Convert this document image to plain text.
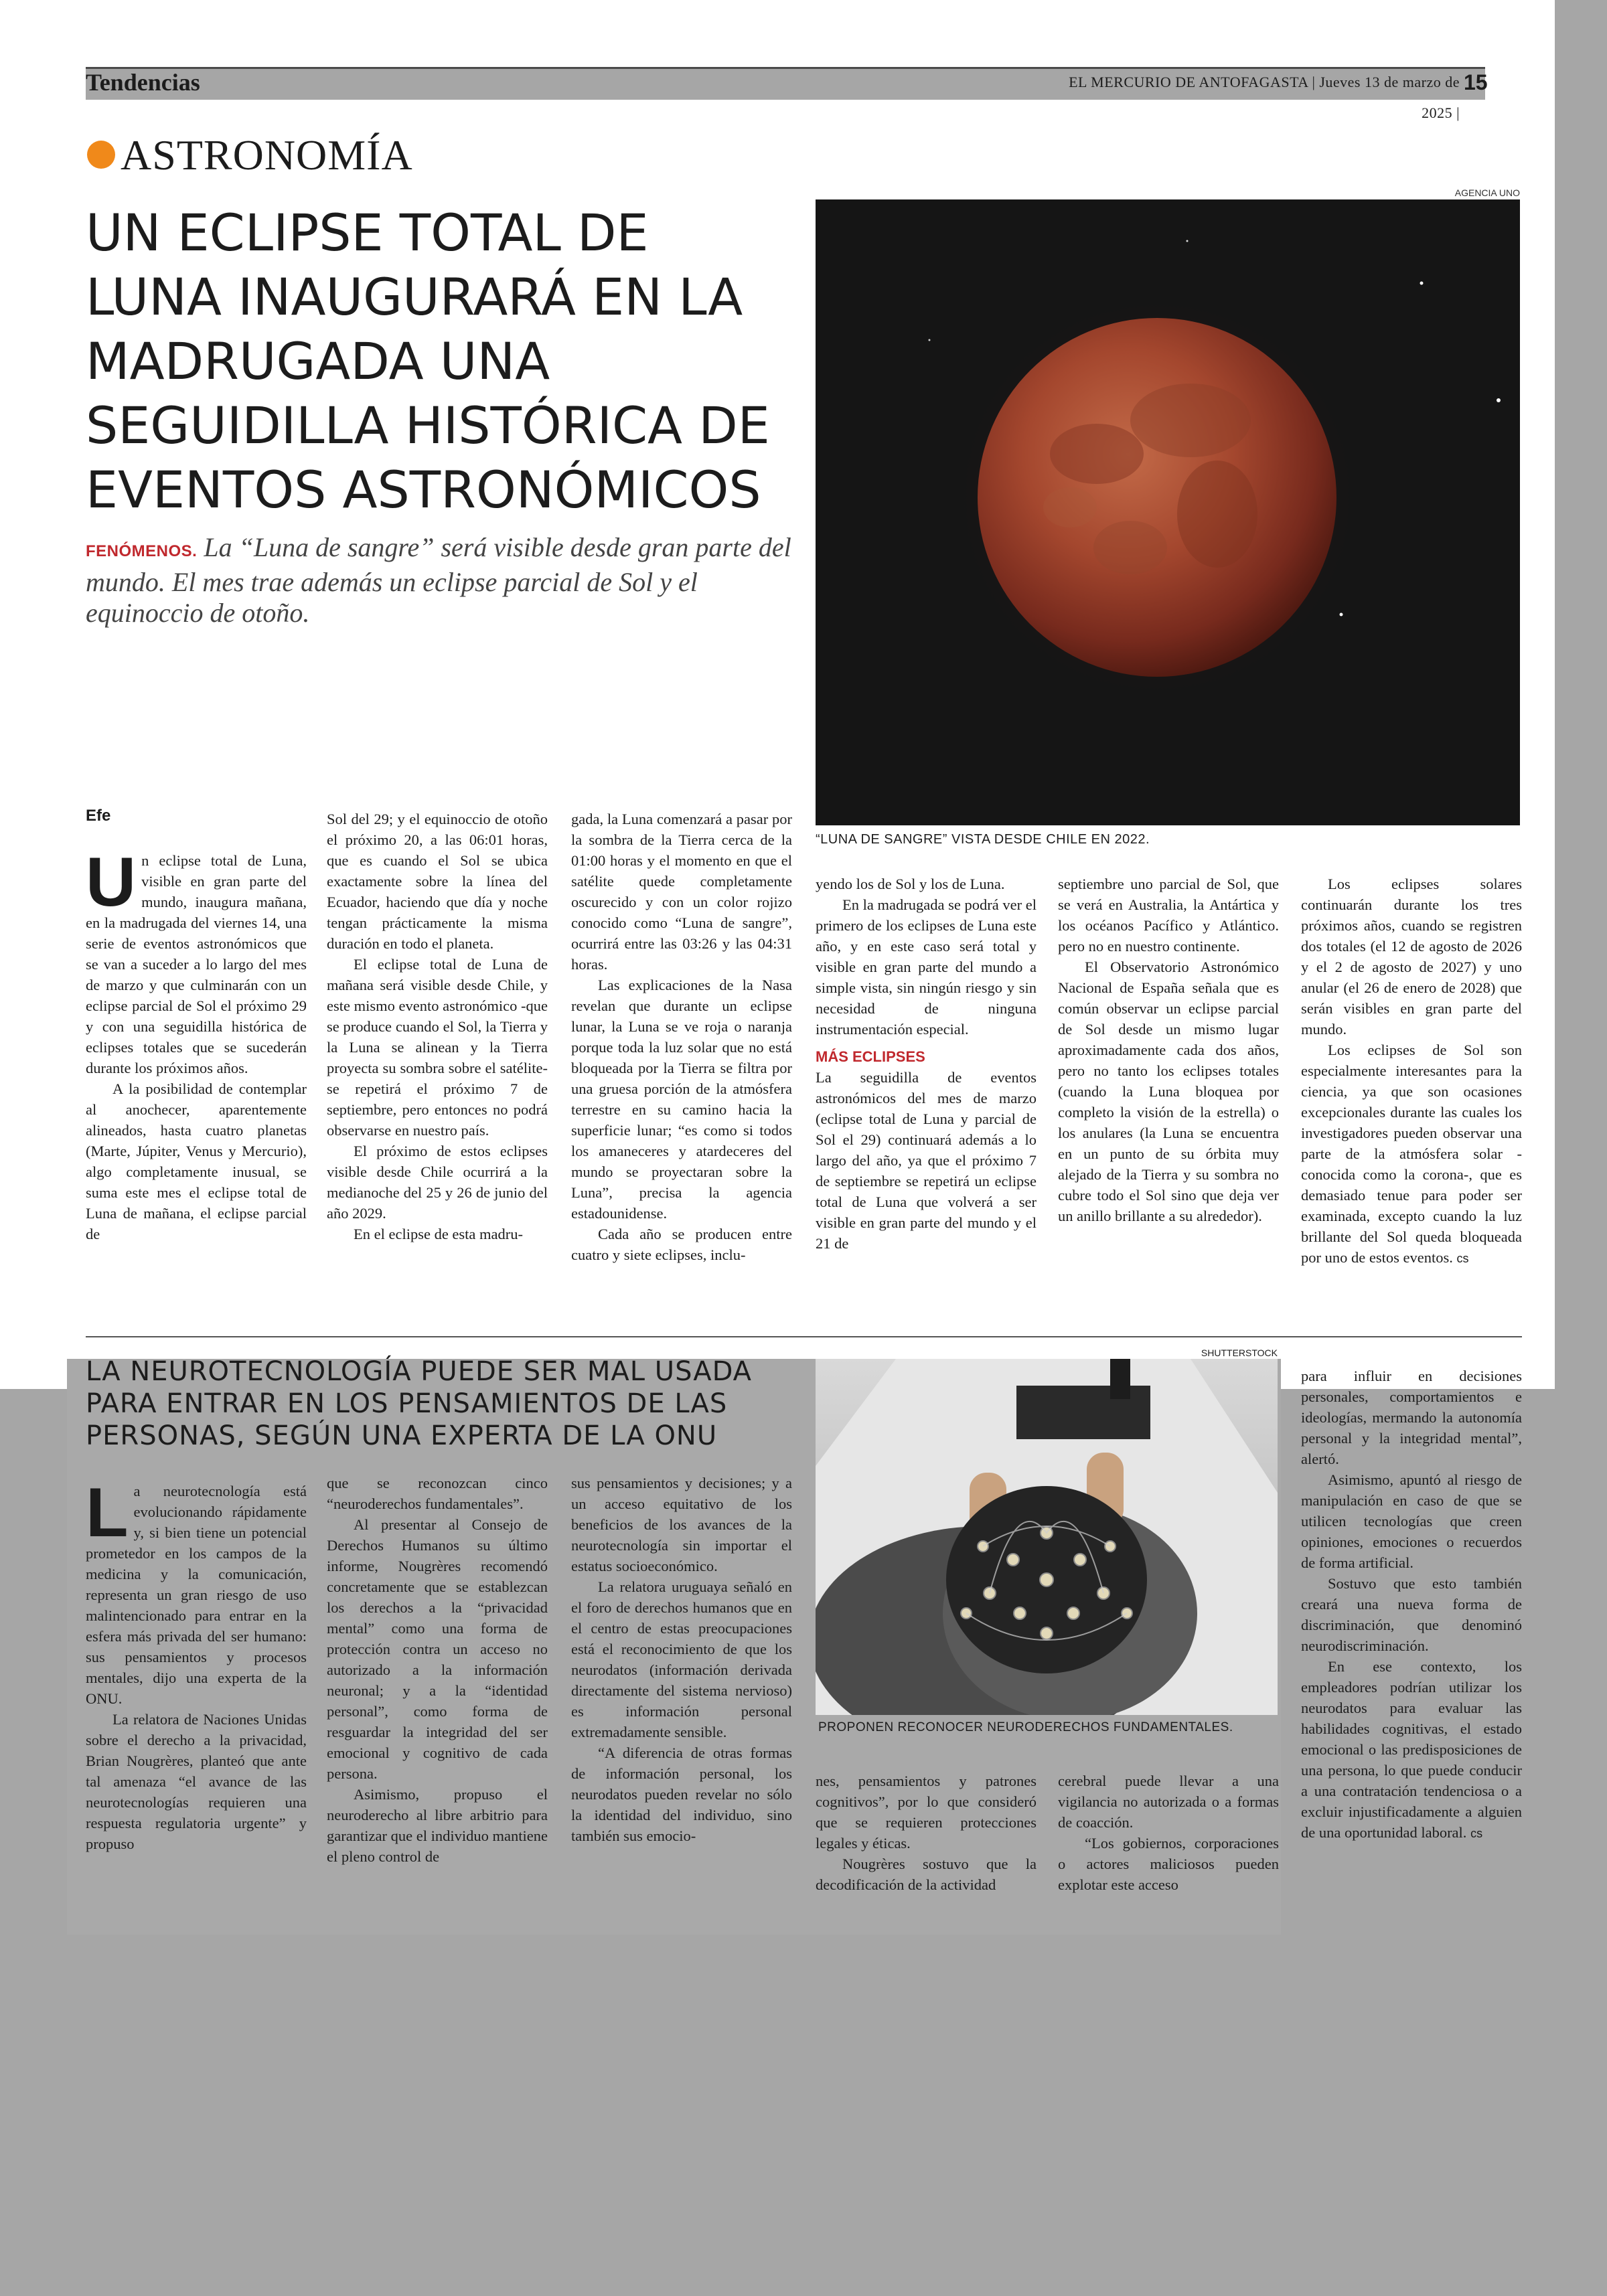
Tendencias	EL MERCURIO DE ANTOFAGASTA | Jueves 13 de marzo de 2025 |
15
ASTRONOMÍA
UN ECLIPSE TOTAL DE LUNA INAUGURARÁ EN LA MADRUGADA UNA SEGUIDILLA HISTÓRICA DE EVENTOS ASTRONÓMICOS
FENÓMENOS. La “Luna de sangre” será visible desde gran parte del mundo. El mes trae además un eclipse parcial de Sol y el equinoccio de otoño.
AGENCIA UNO
“LUNA DE SANGRE” VISTA DESDE CHILE EN 2022.
Efe

Un eclipse total de Luna, visible en gran parte del mundo, inaugura mañana, en la madrugada del viernes 14, una serie de eventos astronómicos que se van a suceder a lo largo del mes de marzo y que culminarán con un eclipse parcial de Sol el próximo 29 y con una seguidilla histórica de eclipses totales que se sucederán durante los próximos años.

A la posibilidad de contemplar al anochecer, aparentemente alineados, hasta cuatro planetas (Marte, Júpiter, Venus y Mercurio), algo completamente inusual, se suma este mes el eclipse total de Luna de mañana, el eclipse parcial de

Sol del 29; y el equinoccio de otoño el próximo 20, a las 06:01 horas, que es cuando el Sol se ubica exactamente sobre la línea del Ecuador, haciendo que día y noche tengan prácticamente la misma duración en todo el planeta.

El eclipse total de Luna de mañana será visible desde Chile, y este mismo evento astronómico -que se produce cuando el Sol, la Tierra y la Luna se alinean y la Tierra proyecta su sombra sobre el satélite- se repetirá el próximo 7 de septiembre, pero entonces no podrá observarse en nuestro país.

El próximo de estos eclipses visible desde Chile ocurrirá a la medianoche del 25 y 26 de junio del año 2029.

En el eclipse de esta madru-

gada, la Luna comenzará a pasar por la sombra de la Tierra cerca de la 01:00 horas y el momento en que el satélite quede completamente oscurecido y con un color rojizo conocido como “Luna de sangre”, ocurrirá entre las 03:26 y las 04:31 horas.

Las explicaciones de la Nasa revelan que durante un eclipse lunar, la Luna se ve roja o naranja porque toda la luz solar que no está bloqueada por la Tierra se filtra por una gruesa porción de la atmósfera terrestre en su camino hacia la superficie lunar; “es como si todos los amaneceres y atardeceres del mundo se proyectaran sobre la Luna”, precisa la agencia estadounidense.

Cada año se producen entre cuatro y siete eclipses, inclu-

yendo los de Sol y los de Luna.

En la madrugada se podrá ver el primero de los eclipses de Luna este año, y en este caso será total y visible en gran parte del mundo a simple vista, sin ningún riesgo y sin necesidad de ninguna instrumentación especial.

MÁS ECLIPSES

La seguidilla de eventos astronómicos del mes de marzo (eclipse total de Luna y parcial de Sol el 29) continuará además a lo largo del año, ya que el próximo 7 de septiembre se repetirá un eclipse total de Luna que volverá a ser visible en gran parte del mundo y el 21 de

septiembre uno parcial de Sol, que se verá en Australia, la Antártica y los océanos Pacífico y Atlántico. pero no en nuestro continente.

El Observatorio Astronómico Nacional de España señala que es común observar un eclipse parcial de Sol desde un mismo lugar aproximadamente cada dos años, pero no tanto los eclipses totales (cuando la Luna bloquea por completo la visión de la estrella) o los anulares (la Luna se encuentra en un punto de su órbita muy alejado de la Tierra y su sombra no cubre todo el Sol sino que deja ver un anillo brillante a su alrededor).

Los eclipses solares continuarán durante los tres próximos años, cuando se registren dos totales (el 12 de agosto de 2026 y el 2 de agosto de 2027) y uno anular (el 26 de enero de 2028) que serán visibles en gran parte del mundo.

Los eclipses de Sol son especialmente interesantes para la ciencia, ya que son ocasiones excepcionales durante las cuales los investigadores pueden observar una parte de la atmósfera solar -conocida como la corona-, que es demasiado tenue para poder ser examinada, excepto cuando la luz brillante del Sol queda bloqueada por uno de estos eventos. cs

LA NEUROTECNOLOGÍA PUEDE SER MAL USADA PARA ENTRAR EN LOS PENSAMIENTOS DE LAS PERSONAS, SEGÚN UNA EXPERTA DE LA ONU
SHUTTERSTOCK
PROPONEN RECONOCER NEURODERECHOS FUNDAMENTALES.

La neurotecnología está evolucionando rápidamente y, si bien tiene un potencial prometedor en los campos de la medicina y la comunicación, representa un gran riesgo de uso malintencionado para entrar en la esfera más privada del ser humano: sus pensamientos y procesos mentales, dijo una experta de la ONU.

La relatora de Naciones Unidas sobre el derecho a la privacidad, Brian Nougrères, planteó que ante tal amenaza “el avance de las neurotecnologías requieren una respuesta regulatoria urgente” y propuso

que se reconozcan cinco “neuroderechos fundamentales”.

Al presentar al Consejo de Derechos Humanos su último informe, Nougrères recomendó concretamente que se establezcan los derechos a la “privacidad mental” como una forma de protección contra un acceso no autorizado a la información neuronal; y a la “identidad personal”, como forma de resguardar la integridad del ser emocional y cognitivo de cada persona.

Asimismo, propuso el neuroderecho al libre arbitrio para garantizar que el individuo mantiene el pleno control de

sus pensamientos y decisiones; y a un acceso equitativo de los beneficios de los avances de la neurotecnología sin importar el estatus socioeconómico.

La relatora uruguaya señaló en el foro de derechos humanos que en el centro de estas preocupaciones está el reconocimiento de que los neurodatos (información derivada directamente del sistema nervioso) es información personal extremadamente sensible.

“A diferencia de otras formas de información personal, los neurodatos pueden revelar no sólo la identidad del individuo, sino también sus emocio-

nes, pensamientos y patrones cognitivos”, por lo que consideró que se requieren protecciones legales y éticas.

Nougrères sostuvo que la decodificación de la actividad

cerebral puede llevar a una vigilancia no autorizada o a formas de coacción.

“Los gobiernos, corporaciones o actores maliciosos pueden explotar este acceso

para influir en decisiones personales, comportamientos e ideologías, mermando la autonomía personal y la integridad mental”, alertó.

Asimismo, apuntó al riesgo de manipulación en caso de que se utilicen tecnologías que creen opiniones, emociones o recuerdos de forma artificial.

Sostuvo que esto también creará una nueva forma de discriminación, que denominó neurodiscriminación.

En ese contexto, los empleadores podrían utilizar los neurodatos para evaluar las habilidades cognitivas, el estado emocional o las predisposiciones de una persona, lo que puede conducir a una contratación tendenciosa o a excluir injustificadamente a alguien de una oportunidad laboral. cs
